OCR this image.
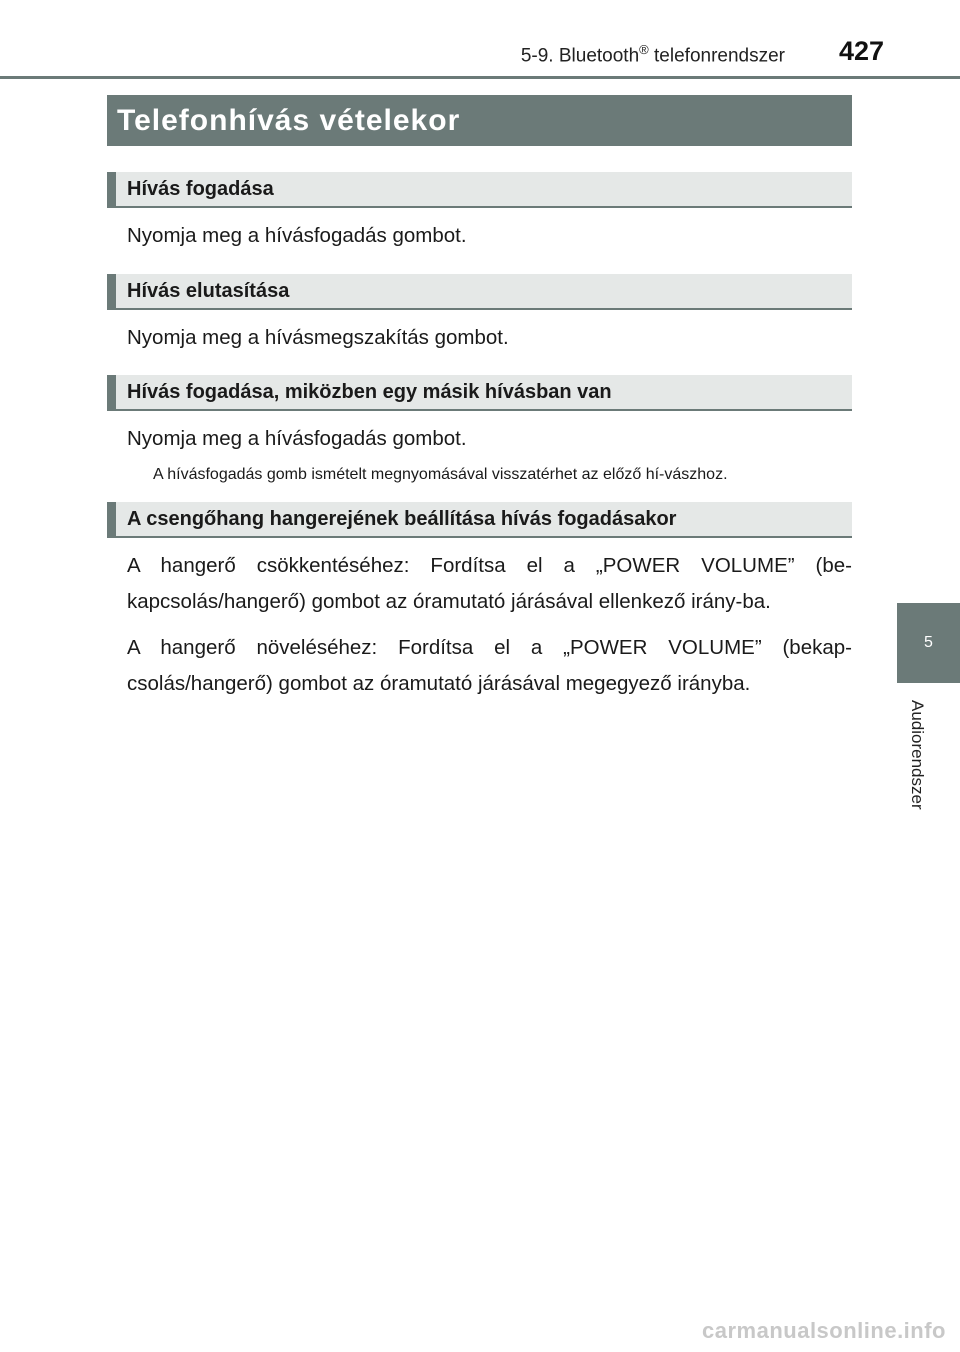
5-9. Bluetooth® telefonrendszer 427
Telefonhívás vételekor
Hívás fogadása

Nyomja meg a hívásfogadás gombot.

Hívás elutasítása

Nyomja meg a hívásmegszakítás gombot.

Hívás fogadása, miközben egy másik hívásban van

Nyomja meg a hívásfogadás gombot.

A hívásfogadás gomb ismételt megnyomásával visszatérhet az előző hí-vászhoz.

A csengőhang hangerejének beállítása hívás fogadásakor

A hangerő csökkentéséhez: Fordítsa el a „POWER VOLUME” (be-kapcsolás/hangerő) gombot az óramutató járásával ellenkező irány-ba.

A hangerő növeléséhez: Fordítsa el a „POWER VOLUME” (bekap-csolás/hangerő) gombot az óramutató járásával megegyező irányba.

5
Audiorendszer
carmanualsonline.info
